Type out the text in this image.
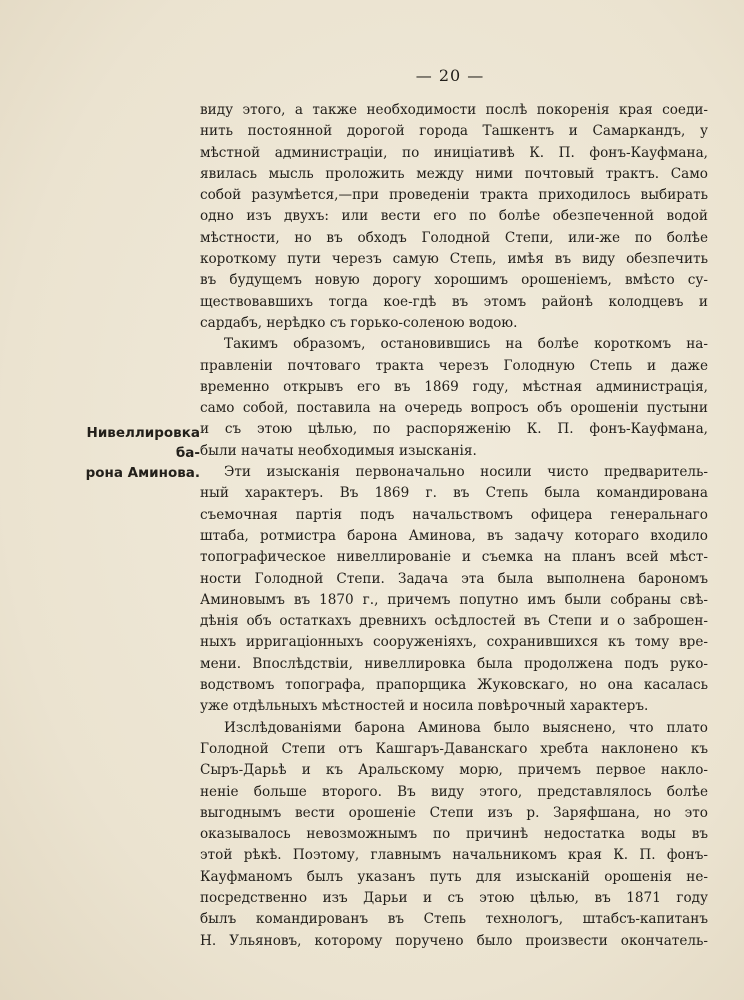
— 20 —
Нивеллировка ба-
рона Аминова.
виду этого, а также необходимости послѣ покоренія края соеди-
нить постоянной дорогой города Ташкентъ и Самаркандъ, у
мѣстной администраціи, по иниціативѣ К. П. фонъ-Кауфмана,
явилась мысль проложить между ними почтовый трактъ. Само
собой разумѣется,—при проведеніи тракта приходилось выбирать
одно изъ двухъ: или вести его по болѣе обезпеченной водой
мѣстности, но въ обходъ Голодной Степи, или-же по болѣе
короткому пути черезъ самую Степь, имѣя въ виду обезпечить
въ будущемъ новую дорогу хорошимъ орошеніемъ, вмѣсто су-
ществовавшихъ тогда кое-гдѣ въ этомъ районѣ колодцевъ и
сардабъ, нерѣдко съ горько-соленою водою.
Такимъ образомъ, остановившись на болѣе короткомъ на-
правленіи почтоваго тракта черезъ Голодную Степь и даже
временно открывъ его въ 1869 году, мѣстная администрація,
само собой, поставила на очередь вопросъ объ орошеніи пустыни
и съ этою цѣлью, по распоряженію К. П. фонъ-Кауфмана,
были начаты необходимыя изысканія.
Эти изысканія первоначально носили чисто предваритель-
ный характеръ. Въ 1869 г. въ Степь была командирована
съемочная партія подъ начальствомъ офицера генеральнаго
штаба, ротмистра барона Аминова, въ задачу котораго входило
топографическое нивеллированіе и съемка на планъ всей мѣст-
ности Голодной Степи. Задача эта была выполнена барономъ
Аминовымъ въ 1870 г., причемъ попутно имъ были собраны свѣ-
дѣнія объ остаткахъ древнихъ осѣдлостей въ Степи и о заброшен-
ныхъ ирригаціонныхъ сооруженіяхъ, сохранившихся къ тому вре-
мени. Впослѣдствіи, нивеллировка была продолжена подъ руко-
водствомъ топографа, прапорщика Жуковскаго, но она касалась
уже отдѣльныхъ мѣстностей и носила повѣрочный характеръ.
Изслѣдованіями барона Аминова было выяснено, что плато
Голодной Степи отъ Кашгаръ-Даванскаго хребта наклонено къ
Сыръ-Дарьѣ и къ Аральскому морю, причемъ первое накло-
неніе больше второго. Въ виду этого, представлялось болѣе
выгоднымъ вести орошеніе Степи изъ р. Заряфшана, но это
оказывалось невозможнымъ по причинѣ недостатка воды въ
этой рѣкѣ. Поэтому, главнымъ начальникомъ края К. П. фонъ-
Кауфманомъ былъ указанъ путь для изысканій орошенія не-
посредственно изъ Дарьи и съ этою цѣлью, въ 1871 году
былъ командированъ въ Степь технологъ, штабсъ-капитанъ
Н. Ульяновъ, которому поручено было произвести окончатель-
